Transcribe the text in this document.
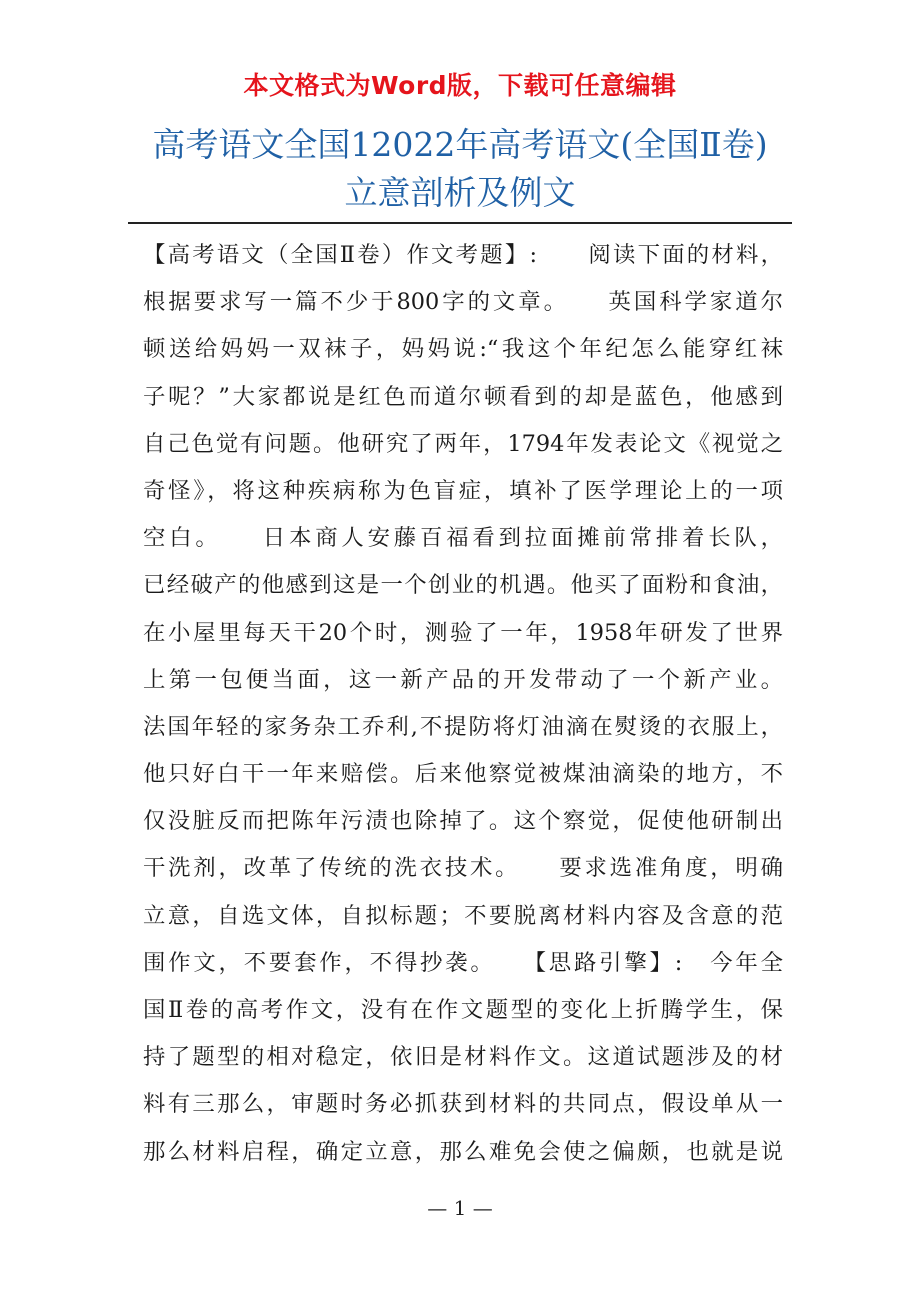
本文格式为Word版，下载可任意编辑
高考语文全国12022年高考语文(全国Ⅱ卷)
立意剖析及例文
【高考语文（全国Ⅱ卷）作文考题】:　　阅读下面的材料，
根据要求写一篇不少于800字的文章。　　英国科学家道尔
顿送给妈妈一双袜子，妈妈说:“我这个年纪怎么能穿红袜
子呢？”大家都说是红色而道尔顿看到的却是蓝色，他感到
自己色觉有问题。他研究了两年，1794年发表论文《视觉之
奇怪》，将这种疾病称为色盲症，填补了医学理论上的一项
空白。　　日本商人安藤百福看到拉面摊前常排着长队，
已经破产的他感到这是一个创业的机遇。他买了面粉和食油，
在小屋里每天干20个时，测验了一年，1958年研发了世界
上第一包便当面，这一新产品的开发带动了一个新产业。
法国年轻的家务杂工乔利,不提防将灯油滴在熨烫的衣服上，
他只好白干一年来赔偿。后来他察觉被煤油滴染的地方，不
仅没脏反而把陈年污渍也除掉了。这个察觉，促使他研制出
干洗剂，改革了传统的洗衣技术。　　要求选准角度，明确
立意，自选文体，自拟标题；不要脱离材料内容及含意的范
围作文，不要套作，不得抄袭。　　【思路引擎】:　今年全
国Ⅱ卷的高考作文，没有在作文题型的变化上折腾学生，保
持了题型的相对稳定，依旧是材料作文。这道试题涉及的材
料有三那么，审题时务必抓获到材料的共同点，假设单从一
那么材料启程，确定立意，那么难免会使之偏颇，也就是说
— 1 —
